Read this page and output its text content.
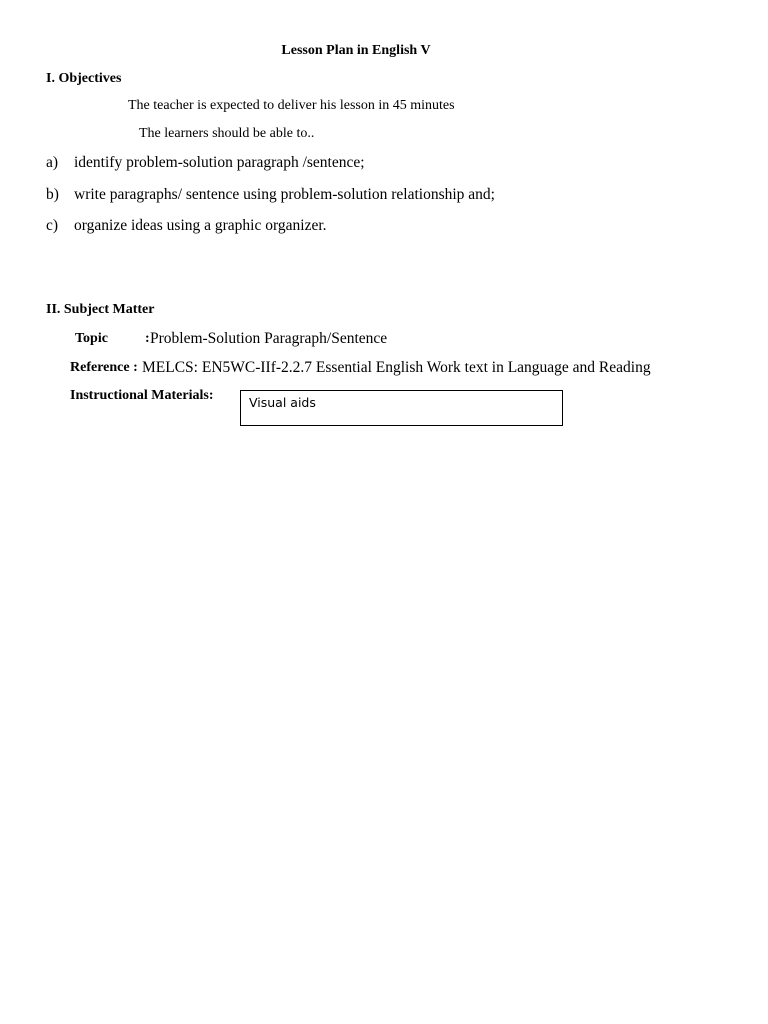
Lesson Plan in English V
I. Objectives
The teacher is expected to deliver his lesson in 45 minutes
The learners should be able to..
a) identify problem-solution paragraph /sentence;
b) write paragraphs/ sentence using problem-solution relationship and;
c) organize ideas using a graphic organizer.
II. Subject Matter
Topic	: Problem-Solution Paragraph/Sentence
Reference : MELCS: EN5WC-IIf-2.2.7 Essential English Work text in Language and Reading
Instructional Materials:	Visual aids
